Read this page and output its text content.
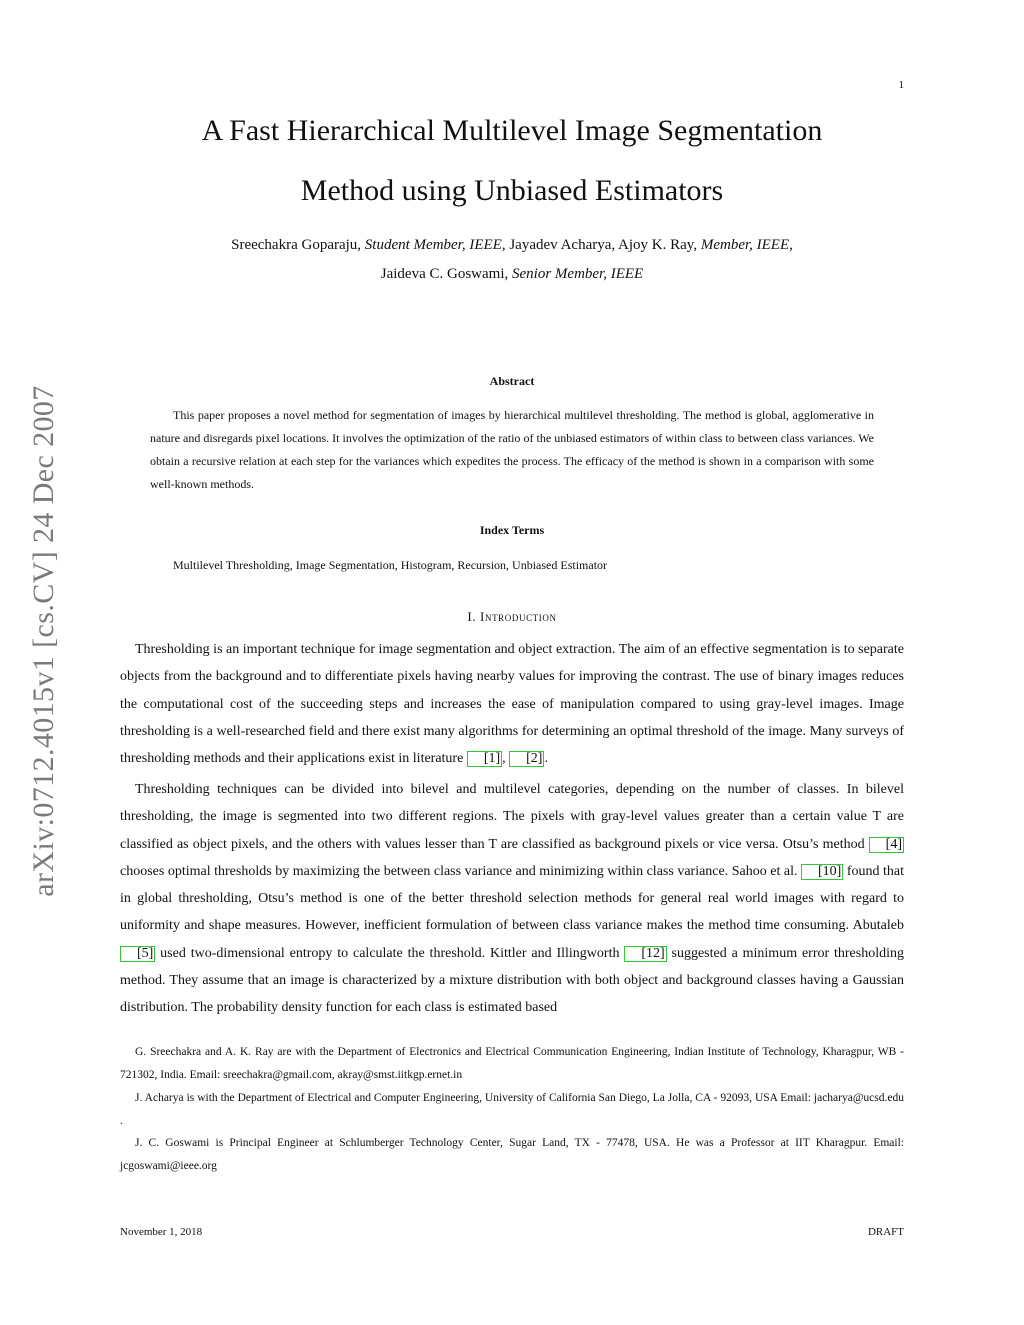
1
arXiv:0712.4015v1 [cs.CV] 24 Dec 2007
A Fast Hierarchical Multilevel Image Segmentation
Method using Unbiased Estimators
Sreechakra Goparaju, Student Member, IEEE, Jayadev Acharya, Ajoy K. Ray, Member, IEEE,
Jaideva C. Goswami, Senior Member, IEEE
Abstract

This paper proposes a novel method for segmentation of images by hierarchical multilevel thresholding. The method is global, agglomerative in nature and disregards pixel locations. It involves the optimization of the ratio of the unbiased estimators of within class to between class variances. We obtain a recursive relation at each step for the variances which expedites the process. The efficacy of the method is shown in a comparison with some well-known methods.

Index Terms

Multilevel Thresholding, Image Segmentation, Histogram, Recursion, Unbiased Estimator

I. Introduction

Thresholding is an important technique for image segmentation and object extraction. The aim of an effective segmentation is to separate objects from the background and to differentiate pixels having nearby values for improving the contrast. The use of binary images reduces the computational cost of the succeeding steps and increases the ease of manipulation compared to using gray-level images. Image thresholding is a well-researched field and there exist many algorithms for determining an optimal threshold of the image. Many surveys of thresholding methods and their applications exist in literature [1] , [2] .

Thresholding techniques can be divided into bilevel and multilevel categories, depending on the number of classes. In bilevel thresholding, the image is segmented into two different regions. The pixels with gray-level values greater than a certain value T are classified as object pixels, and the others with values lesser than T are classified as background pixels or vice versa. Otsu’s method [4] chooses optimal thresholds by maximizing the between class variance and minimizing within class variance. Sahoo et al. [10] found that in global thresholding, Otsu’s method is one of the better threshold selection methods for general real world images with regard to uniformity and shape measures. However, inefficient formulation of between class variance makes the method time consuming. Abutaleb [5] used two-dimensional entropy to calculate the threshold. Kittler and Illingworth [12] suggested a minimum error thresholding method. They assume that an image is characterized by a mixture distribution with both object and background classes having a Gaussian distribution. The probability density function for each class is estimated based

G. Sreechakra and A. K. Ray are with the Department of Electronics and Electrical Communication Engineering, Indian Institute of Technology, Kharagpur, WB - 721302, India. Email: sreechakra@gmail.com, akray@smst.iitkgp.ernet.in

J. Acharya is with the Department of Electrical and Computer Engineering, University of California San Diego, La Jolla, CA - 92093, USA Email: jacharya@ucsd.edu .

J. C. Goswami is Principal Engineer at Schlumberger Technology Center, Sugar Land, TX - 77478, USA. He was a Professor at IIT Kharagpur. Email: jcgoswami@ieee.org

November 1, 2018	DRAFT
